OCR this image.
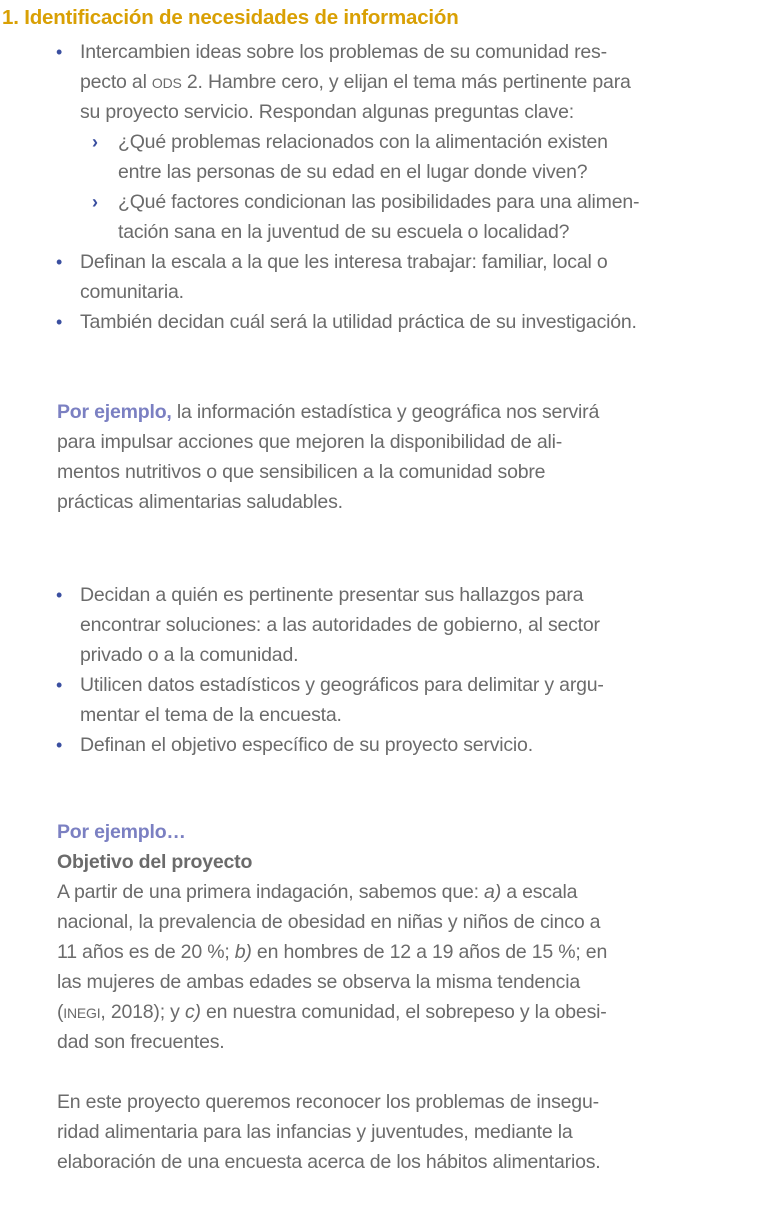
1. Identificación de necesidades de información
• Intercambien ideas sobre los problemas de su comunidad res-
pecto al ods 2. Hambre cero, y elijan el tema más pertinente para
su proyecto servicio. Respondan algunas preguntas clave:
› ¿Qué problemas relacionados con la alimentación existen
entre las personas de su edad en el lugar donde viven?
› ¿Qué factores condicionan las posibilidades para una alimen-
tación sana en la juventud de su escuela o localidad?
• Definan la escala a la que les interesa trabajar: familiar, local o
comunitaria.
• También decidan cuál será la utilidad práctica de su investigación.
Por ejemplo, la información estadística y geográfica nos servirá
para impulsar acciones que mejoren la disponibilidad de ali-
mentos nutritivos o que sensibilicen a la comunidad sobre
prácticas alimentarias saludables.
• Decidan a quién es pertinente presentar sus hallazgos para
encontrar soluciones: a las autoridades de gobierno, al sector
privado o a la comunidad.
• Utilicen datos estadísticos y geográficos para delimitar y argu-
mentar el tema de la encuesta.
• Definan el objetivo específico de su proyecto servicio.
Por ejemplo…
Objetivo del proyecto
A partir de una primera indagación, sabemos que: a) a escala
nacional, la prevalencia de obesidad en niñas y niños de cinco a
11 años es de 20 %; b) en hombres de 12 a 19 años de 15 %; en
las mujeres de ambas edades se observa la misma tendencia
(inegi, 2018); y c) en nuestra comunidad, el sobrepeso y la obesi-
dad son frecuentes.
En este proyecto queremos reconocer los problemas de insegu-
ridad alimentaria para las infancias y juventudes, mediante la
elaboración de una encuesta acerca de los hábitos alimentarios.
